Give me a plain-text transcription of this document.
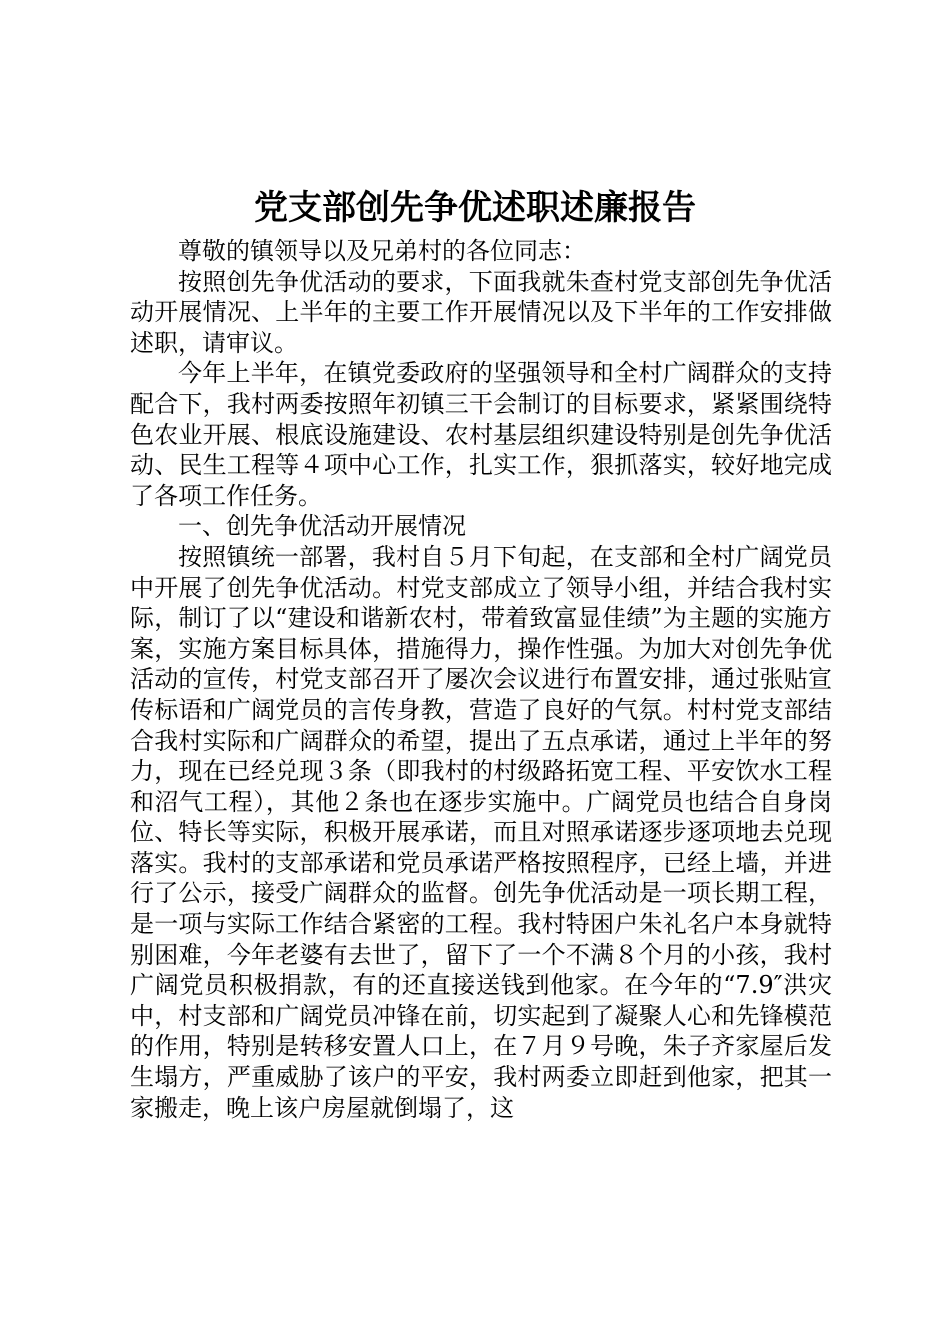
党支部创先争优述职述廉报告

尊敬的镇领导以及兄弟村的各位同志：

按照创先争优活动的要求，下面我就朱查村党支部创先争优活动开展情况、上半年的主要工作开展情况以及下半年的工作安排做述职，请审议。

今年上半年，在镇党委政府的坚强领导和全村广阔群众的支持配合下，我村两委按照年初镇三干会制订的目标要求，紧紧围绕特色农业开展、根底设施建设、农村基层组织建设特别是创先争优活动、民生工程等４项中心工作，扎实工作，狠抓落实，较好地完成了各项工作任务。

一、创先争优活动开展情况

按照镇统一部署，我村自５月下旬起，在支部和全村广阔党员中开展了创先争优活动。村党支部成立了领导小组，并结合我村实际，制订了以“建设和谐新农村，带着致富显佳绩”为主题的实施方案，实施方案目标具体，措施得力，操作性强。为加大对创先争优活动的宣传，村党支部召开了屡次会议进行布置安排，通过张贴宣传标语和广阔党员的言传身教，营造了良好的气氛。村村党支部结合我村实际和广阔群众的希望，提出了五点承诺，通过上半年的努力，现在已经兑现３条（即我村的村级路拓宽工程、平安饮水工程和沼气工程），其他２条也在逐步实施中。广阔党员也结合自身岗位、特长等实际，积极开展承诺，而且对照承诺逐步逐项地去兑现落实。我村的支部承诺和党员承诺严格按照程序，已经上墙，并进行了公示，接受广阔群众的监督。创先争优活动是一项长期工程，是一项与实际工作结合紧密的工程。我村特困户朱礼名户本身就特别困难，今年老婆有去世了，留下了一个不满８个月的小孩，我村广阔党员积极捐款，有的还直接送钱到他家。在今年的“7.9″洪灾中，村支部和广阔党员冲锋在前，切实起到了凝聚人心和先锋模范的作用，特别是转移安置人口上，在７月９号晚，朱子齐家屋后发生塌方，严重威胁了该户的平安，我村两委立即赶到他家，把其一家搬走，晚上该户房屋就倒塌了，这
